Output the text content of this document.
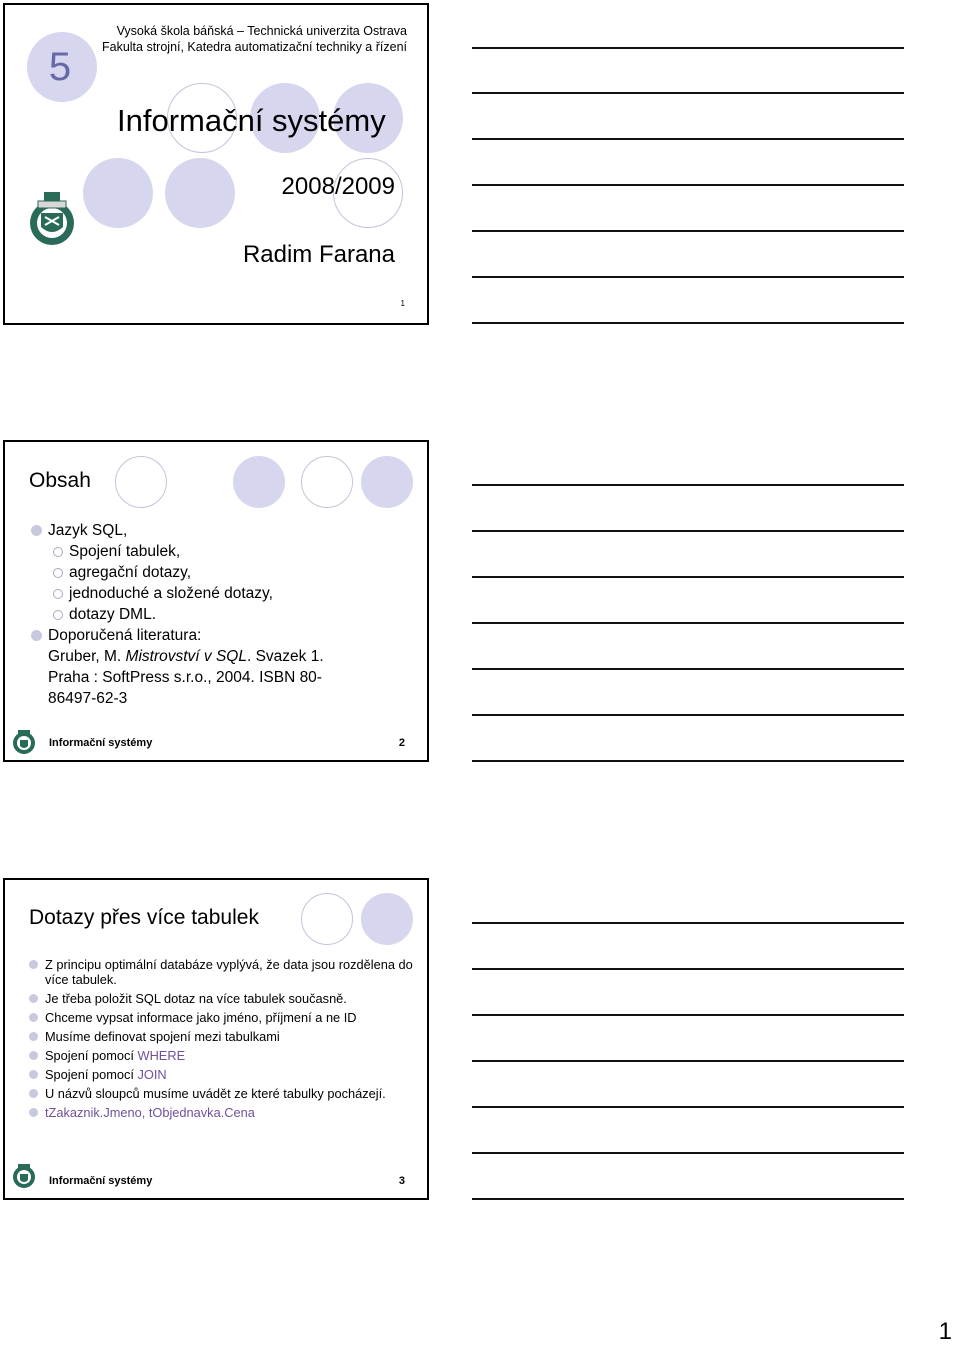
5
Vysoká škola báňská – Technická univerzita Ostrava
Fakulta strojní, Katedra automatizační techniky a řízení
Informační systémy
2008/2009
Radim Farana
1
Obsah
Jazyk SQL,
Spojení tabulek,
agregační dotazy,
jednoduché a složené dotazy,
dotazy DML.
Doporučená literatura:
Gruber, M. Mistrovství v SQL. Svazek 1.
Praha : SoftPress s.r.o., 2004. ISBN 80-
86497-62-3
Informační systémy	2
Dotazy přes více tabulek
Z principu optimální databáze vyplývá, že data jsou rozdělena do více tabulek.
Je třeba položit SQL dotaz na více tabulek současně.
Chceme vypsat informace jako jméno, příjmení a ne ID
Musíme definovat spojení mezi tabulkami
Spojení pomocí WHERE
Spojení pomocí JOIN
U názvů sloupců musíme uvádět ze které tabulky pocházejí.
tZakaznik.Jmeno, tObjednavka.Cena
Informační systémy	3
1
